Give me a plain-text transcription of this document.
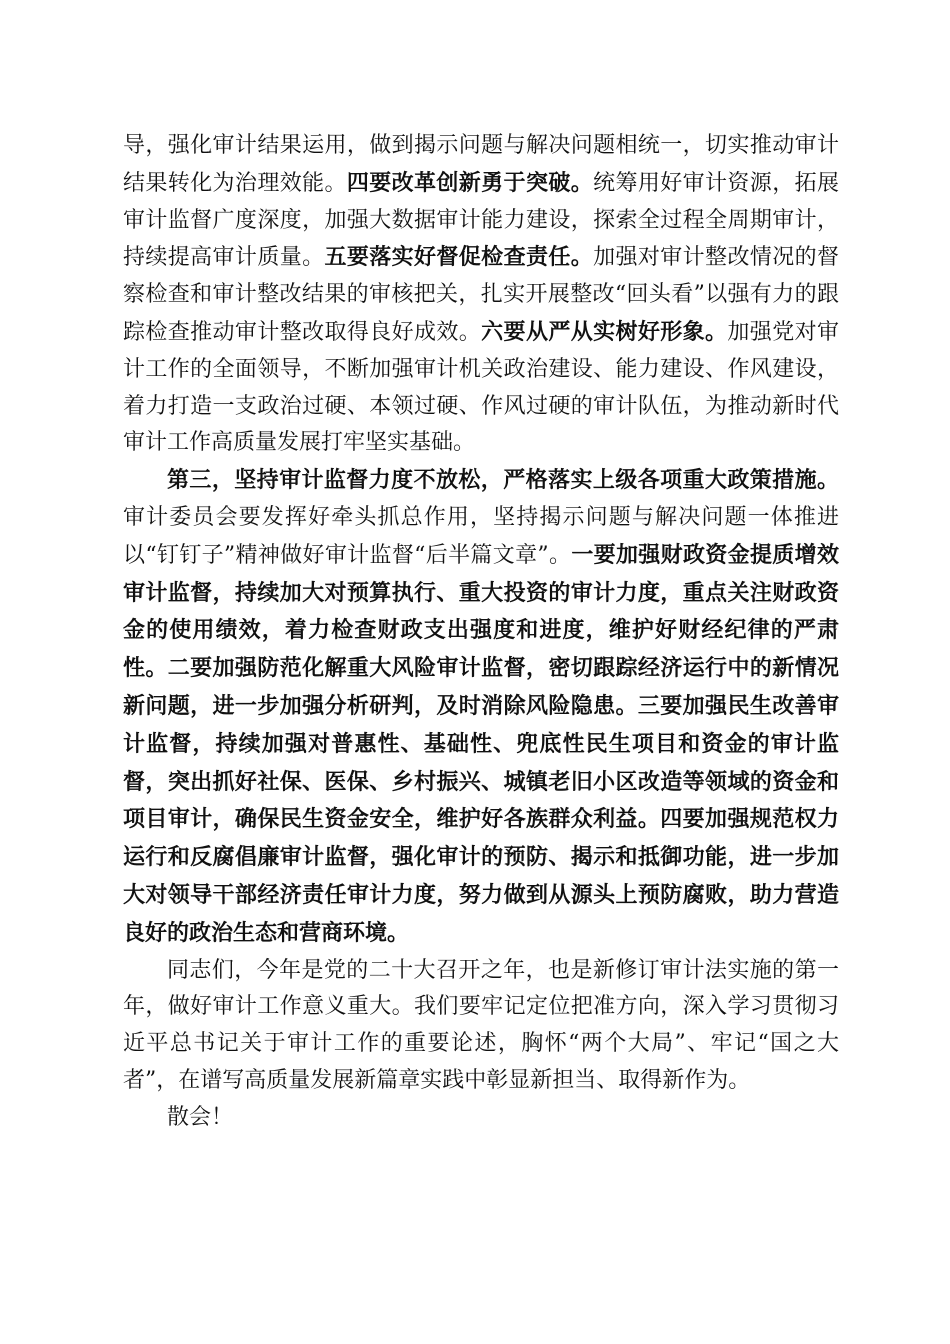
导，强化审计结果运用，做到揭示问题与解决问题相统一，切实推动审计结果转化为治理效能。四要改革创新勇于突破。统筹用好审计资源，拓展审计监督广度深度，加强大数据审计能力建设，探索全过程全周期审计，持续提高审计质量。五要落实好督促检查责任。加强对审计整改情况的督察检查和审计整改结果的审核把关，扎实开展整改“回头看”以强有力的跟踪检查推动审计整改取得良好成效。六要从严从实树好形象。加强党对审计工作的全面领导，不断加强审计机关政治建设、能力建设、作风建设，着力打造一支政治过硬、本领过硬、作风过硬的审计队伍，为推动新时代审计工作高质量发展打牢坚实基础。

第三，坚持审计监督力度不放松，严格落实上级各项重大政策措施。审计委员会要发挥好牵头抓总作用，坚持揭示问题与解决问题一体推进以“钉钉子”精神做好审计监督“后半篇文章”。一要加强财政资金提质增效审计监督，持续加大对预算执行、重大投资的审计力度，重点关注财政资金的使用绩效，着力检查财政支出强度和进度，维护好财经纪律的严肃性。二要加强防范化解重大风险审计监督，密切跟踪经济运行中的新情况新问题，进一步加强分析研判，及时消除风险隐患。三要加强民生改善审计监督，持续加强对普惠性、基础性、兜底性民生项目和资金的审计监督，突出抓好社保、医保、乡村振兴、城镇老旧小区改造等领域的资金和项目审计，确保民生资金安全，维护好各族群众利益。四要加强规范权力运行和反腐倡廉审计监督，强化审计的预防、揭示和抵御功能，进一步加大对领导干部经济责任审计力度，努力做到从源头上预防腐败，助力营造良好的政治生态和营商环境。

同志们，今年是党的二十大召开之年，也是新修订审计法实施的第一年，做好审计工作意义重大。我们要牢记定位把准方向，深入学习贯彻习近平总书记关于审计工作的重要论述，胸怀“两个大局”、牢记“国之大者”，在谱写高质量发展新篇章实践中彰显新担当、取得新作为。

散会！
